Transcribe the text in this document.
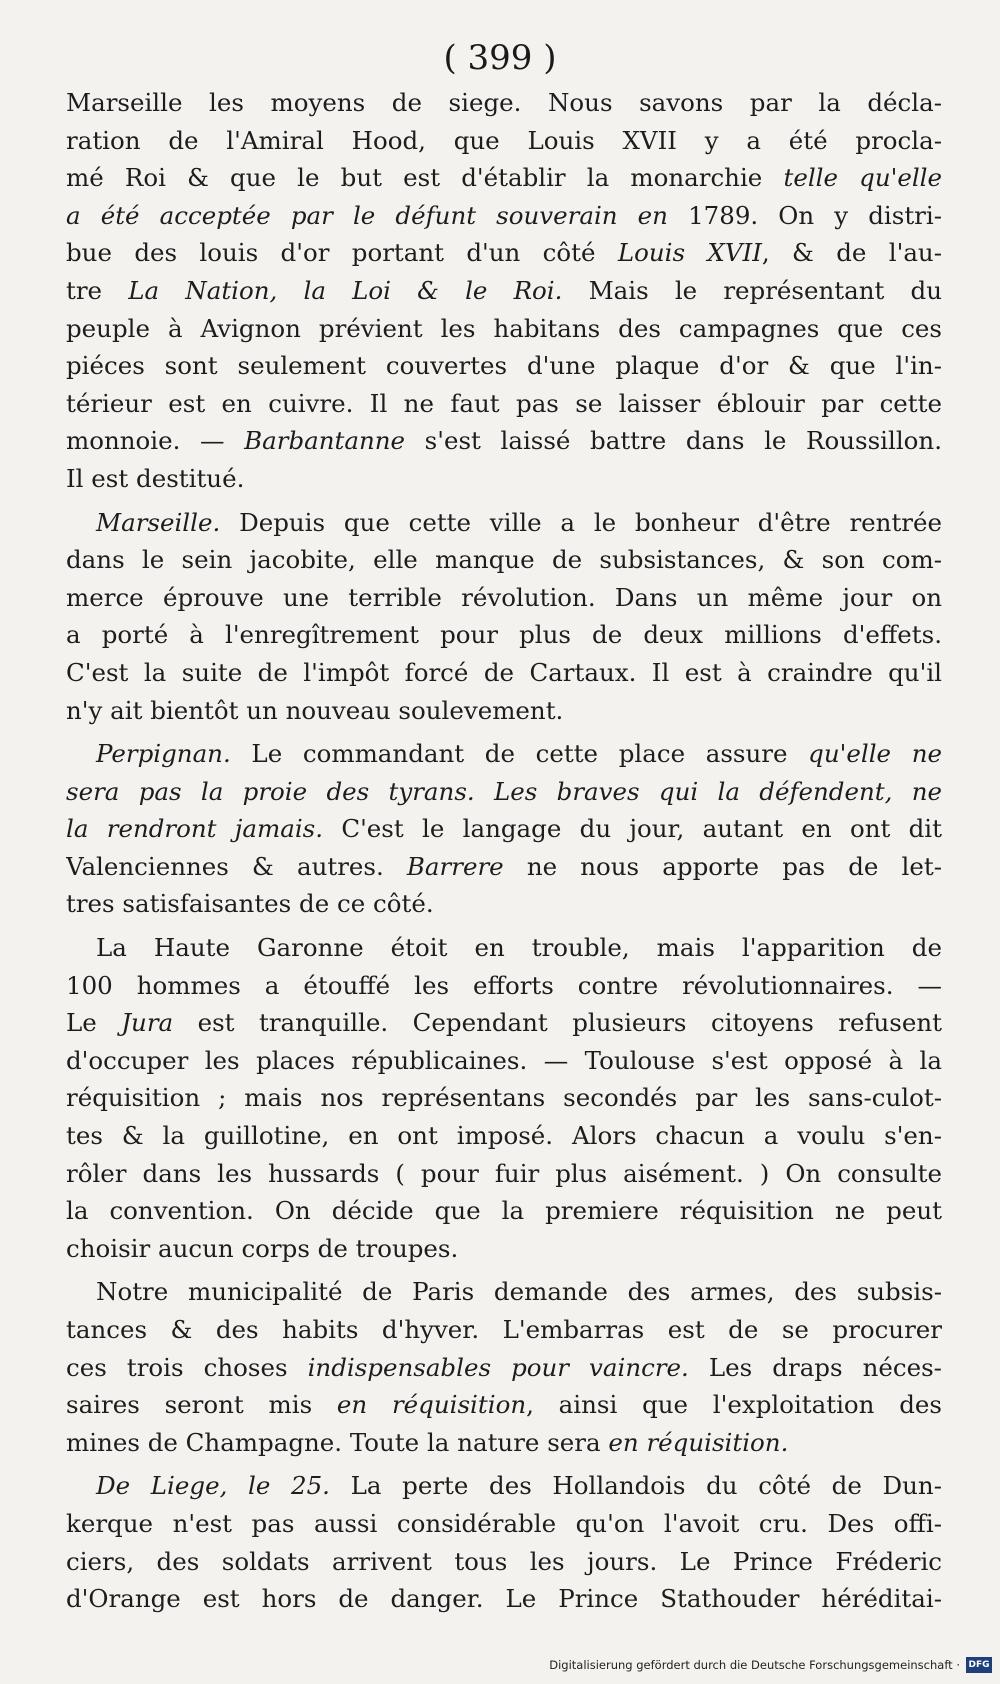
( 399 )
Marseille les moyens de siege. Nous savons par la décla-
ration de l'Amiral Hood, que Louis XVII y a été procla-
mé Roi & que le but est d'établir la monarchie telle qu'elle
a été acceptée par le défunt souverain en 1789. On y distri-
bue des louis d'or portant d'un côté Louis XVII, & de l'au-
tre La Nation, la Loi & le Roi. Mais le représentant du
peuple à Avignon prévient les habitans des campagnes que ces
piéces sont seulement couvertes d'une plaque d'or & que l'in-
térieur est en cuivre. Il ne faut pas se laisser éblouir par cette
monnoie. — Barbantanne s'est laissé battre dans le Roussillon.
Il est destitué.
Marseille. Depuis que cette ville a le bonheur d'être rentrée
dans le sein jacobite, elle manque de subsistances, & son com-
merce éprouve une terrible révolution. Dans un même jour on
a porté à l'enregîtrement pour plus de deux millions d'effets.
C'est la suite de l'impôt forcé de Cartaux. Il est à craindre qu'il
n'y ait bientôt un nouveau soulevement.
Perpignan. Le commandant de cette place assure qu'elle ne
sera pas la proie des tyrans. Les braves qui la défendent, ne
la rendront jamais. C'est le langage du jour, autant en ont dit
Valenciennes & autres. Barrere ne nous apporte pas de let-
tres satisfaisantes de ce côté.
La Haute Garonne étoit en trouble, mais l'apparition de
100 hommes a étouffé les efforts contre révolutionnaires. —
Le Jura est tranquille. Cependant plusieurs citoyens refusent
d'occuper les places républicaines. — Toulouse s'est opposé à la
réquisition ; mais nos représentans secondés par les sans-culot-
tes & la guillotine, en ont imposé. Alors chacun a voulu s'en-
rôler dans les hussards ( pour fuir plus aisément. ) On consulte
la convention. On décide que la premiere réquisition ne peut
choisir aucun corps de troupes.
Notre municipalité de Paris demande des armes, des subsis-
tances & des habits d'hyver. L'embarras est de se procurer
ces trois choses indispensables pour vaincre. Les draps néces-
saires seront mis en réquisition, ainsi que l'exploitation des
mines de Champagne. Toute la nature sera en réquisition.
De Liege, le 25. La perte des Hollandois du côté de Dun-
kerque n'est pas aussi considérable qu'on l'avoit cru. Des offi-
ciers, des soldats arrivent tous les jours. Le Prince Fréderic
d'Orange est hors de danger. Le Prince Stathouder héréditai-
Digitalisierung gefördert durch die Deutsche Forschungsgemeinschaft · DFG
